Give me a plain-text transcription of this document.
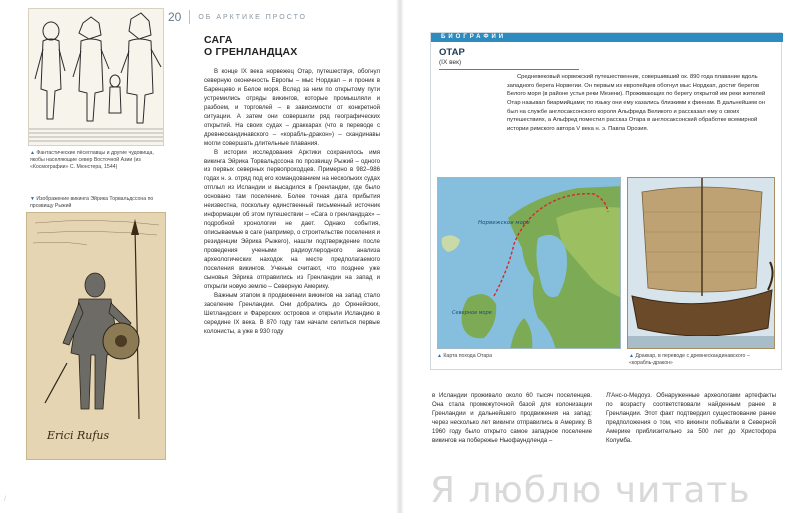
20	ОБ АРКТИКЕ ПРОСТО
▲ Фантастические пёсеглавцы и другие чудовища, якобы населяющие север Восточной Азии (из «Космографии» С. Мюнстера, 1544)
▼ Изображение викинга Эйрика Торвальдссона по прозвищу Рыжий
Erici Rufus
САГА
О ГРЕНЛАНДЦАХ

В конце IX века норвежец Отар, путешествуя, обогнул северную оконечность Европы – мыс Нордкап – и проник в Баренцево и Белое моря. Вслед за ним по открытому пути устремились отряды викингов, которые промышляли и разбоем, и торговлей – в зависимости от конкретной ситуации. А затем они совершили ряд географических открытий. На своих судах – драккарах (что в переводе с древнескандинавского – «корабль-дракон») – скандинавы могли совершать длительные плавания.

В истории исследования Арктики сохранилось имя викинга Эйрика Торвальдссона по прозвищу Рыжий – одного из первых северных первопроходцев. Примерно в 982–986 годах н. э. отряд под его командованием на нескольких судах отплыл из Исландии и высадился в Гренландии, где было основано там поселение. Более точная дата прибытия неизвестна, поскольку единственный письменный источник информации об этом путешествии – «Сага о гренландцах» – подробной хронологии не дает. Однако события, описываемые в саге (например, о строительстве поселения и резиденции Эйрика Рыжего), нашли подтверждение после проведения учеными радиоуглеродного анализа археологических находок на месте предполагаемого поселения викингов. Ученые считают, что позднее уже сыновья Эйрика отправились из Гренландии на запад и открыли новую землю – Северную Америку.

Важным этапом в продвижении викингов на запад стало заселение Гренландии. Они добрались до Оркнейских, Шетландских и Фарерских островов и открыли Исландию в середине IX века. В 870 году там начали селиться первые колонисты, а уже в 930 году

БИОГРАФИИ
ОТАР
(IX век)

Средневековый норвежский путешественник, совершивший ок. 890 года плавание вдоль западного берега Норвегии. Он первым из европейцев обогнул мыс Нордкап, достиг берегов Белого моря (в районе устья реки Мезени). Проживающих по берегу открытой им реки жителей Отар называл биармийцами; по языку они ему казались близкими к финнам. В дальнейшем он был на службе англосаксонского короля Альфреда Великого и рассказал ему о своих путешествиях, а Альфред поместил рассказ Отара в англосаксонский обработке всемирной истории римского автора V века н. э. Павла Орозия.

Норвежское море
Северное море
▲ Карта похода Отара	▲ Драккар, в переводе с древнескандинавского – «корабль-дракон»

в Исландии проживало около 60 тысяч поселенцев. Она стала промежуточной базой для колонизации Гренландии и дальнейшего продвижения на запад: через несколько лет викинги отправились в Америку. В 1960 году было открыто самое западное поселение викингов на побережье Ньюфаундленда –

Л'Анс-о-Медоуз. Обнаруженные археологами артефакты по возрасту соответствовали найденным ранее в Гренландии. Этот факт подтвердил существование ранее предположения о том, что викинги побывали в Северной Америке приблизительно за 500 лет до Христофора Колумба.

Я люблю читать
/
